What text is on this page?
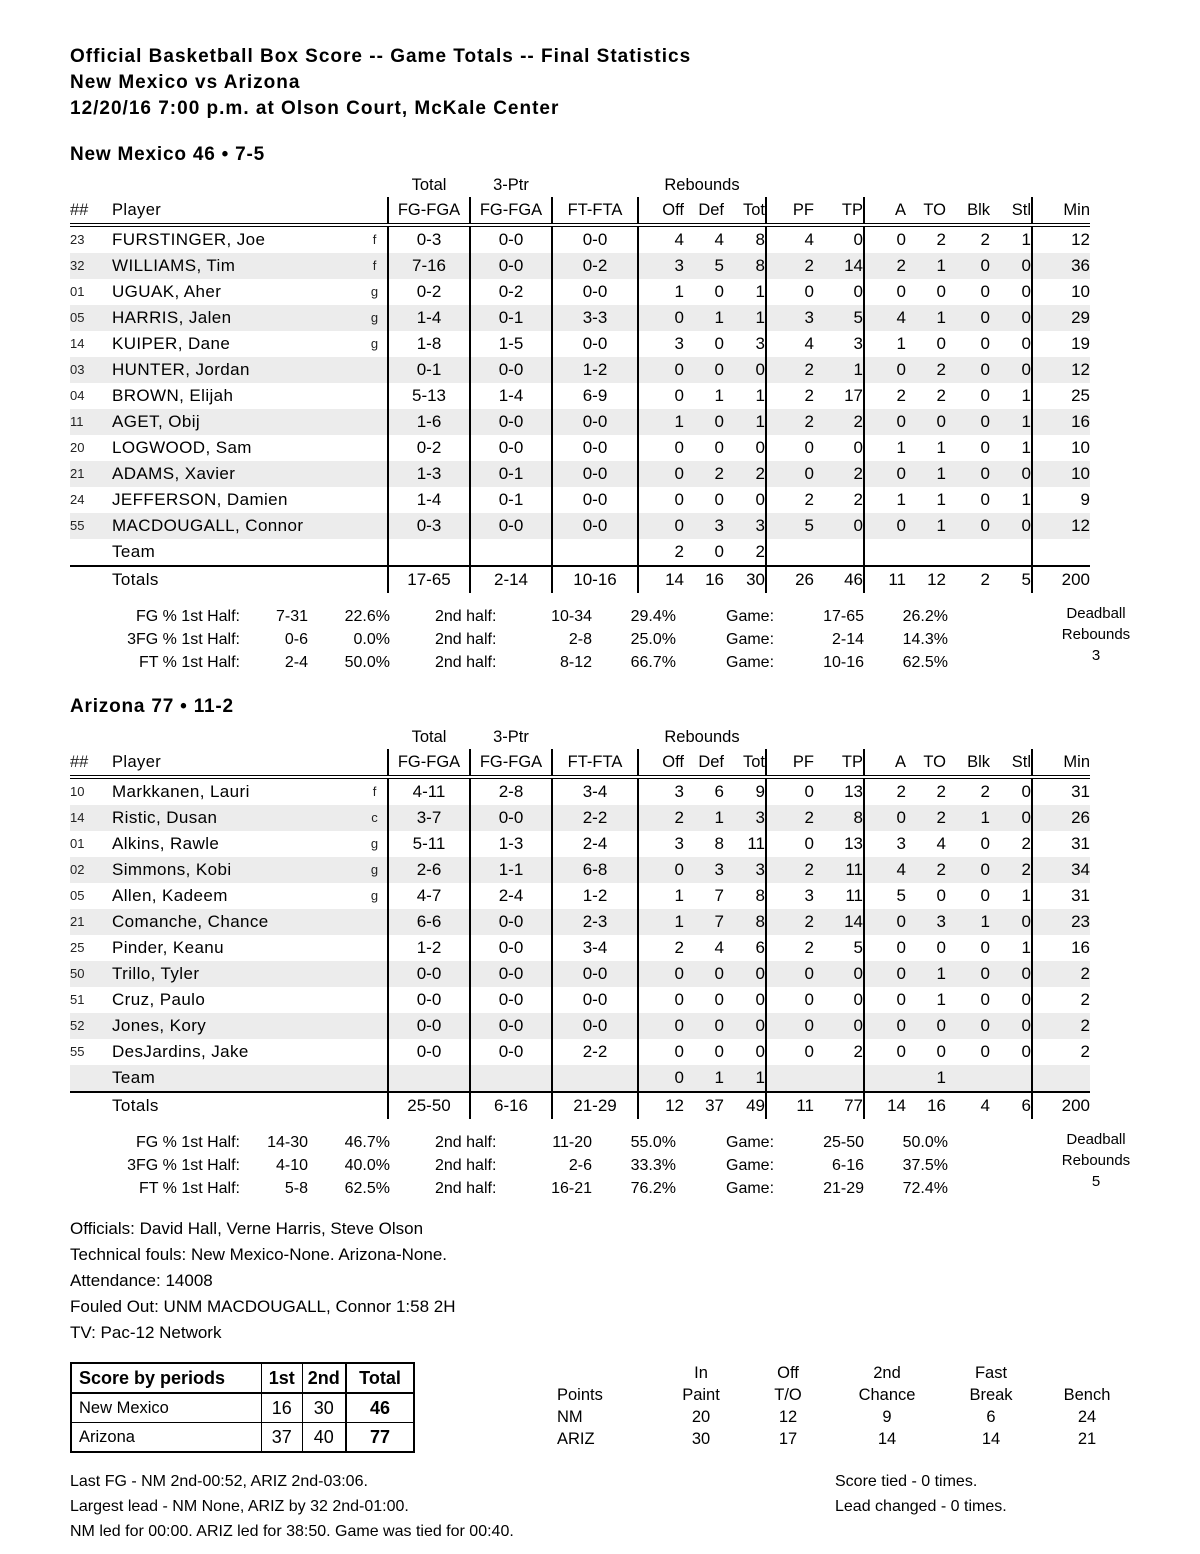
Official Basketball Box Score -- Game Totals -- Final Statistics
New Mexico vs Arizona
12/20/16 7:00 p.m. at Olson Court, McKale Center
New Mexico 46 • 7-5
			Total	3-Ptr		Rebounds									
##	Player		FG-FGA	FG-FGA	FT-FTA	Off	Def	Tot	PF	TP	A	TO	Blk	Stl	Min
23	FURSTINGER, Joe	f	0-3	0-0	0-0	4	4	8	4	0	0	2	2	1	12
32	WILLIAMS, Tim	f	7-16	0-0	0-2	3	5	8	2	14	2	1	0	0	36
01	UGUAK, Aher	g	0-2	0-2	0-0	1	0	1	0	0	0	0	0	0	10
05	HARRIS, Jalen	g	1-4	0-1	3-3	0	1	1	3	5	4	1	0	0	29
14	KUIPER, Dane	g	1-8	1-5	0-0	3	0	3	4	3	1	0	0	0	19
03	HUNTER, Jordan		0-1	0-0	1-2	0	0	0	2	1	0	2	0	0	12
04	BROWN, Elijah		5-13	1-4	6-9	0	1	1	2	17	2	2	0	1	25
11	AGET, Obij		1-6	0-0	0-0	1	0	1	2	2	0	0	0	1	16
20	LOGWOOD, Sam		0-2	0-0	0-0	0	0	0	0	0	1	1	0	1	10
21	ADAMS, Xavier		1-3	0-1	0-0	0	2	2	0	2	0	1	0	0	10
24	JEFFERSON, Damien		1-4	0-1	0-0	0	0	0	2	2	1	1	0	1	9
55	MACDOUGALL, Connor		0-3	0-0	0-0	0	3	3	5	0	0	1	0	0	12
	Team					2	0	2							
	Totals		17-65	2-14	10-16	14	16	30	26	46	11	12	2	5	200
FG % 1st Half:	7-31	22.6%	2nd half:	10-34	29.4%	Game:	17-65	26.2%
3FG % 1st Half:	0-6	0.0%	2nd half:	2-8	25.0%	Game:	2-14	14.3%
FT % 1st Half:	2-4	50.0%	2nd half:	8-12	66.7%	Game:	10-16	62.5%
Deadball
Rebounds
3
Arizona 77 • 11-2
			Total	3-Ptr		Rebounds									
##	Player		FG-FGA	FG-FGA	FT-FTA	Off	Def	Tot	PF	TP	A	TO	Blk	Stl	Min
10	Markkanen, Lauri	f	4-11	2-8	3-4	3	6	9	0	13	2	2	2	0	31
14	Ristic, Dusan	c	3-7	0-0	2-2	2	1	3	2	8	0	2	1	0	26
01	Alkins, Rawle	g	5-11	1-3	2-4	3	8	11	0	13	3	4	0	2	31
02	Simmons, Kobi	g	2-6	1-1	6-8	0	3	3	2	11	4	2	0	2	34
05	Allen, Kadeem	g	4-7	2-4	1-2	1	7	8	3	11	5	0	0	1	31
21	Comanche, Chance		6-6	0-0	2-3	1	7	8	2	14	0	3	1	0	23
25	Pinder, Keanu		1-2	0-0	3-4	2	4	6	2	5	0	0	0	1	16
50	Trillo, Tyler		0-0	0-0	0-0	0	0	0	0	0	0	1	0	0	2
51	Cruz, Paulo		0-0	0-0	0-0	0	0	0	0	0	0	1	0	0	2
52	Jones, Kory		0-0	0-0	0-0	0	0	0	0	0	0	0	0	0	2
55	DesJardins, Jake		0-0	0-0	2-2	0	0	0	0	2	0	0	0	0	2
	Team					0	1	1				1			
	Totals		25-50	6-16	21-29	12	37	49	11	77	14	16	4	6	200
FG % 1st Half:	14-30	46.7%	2nd half:	11-20	55.0%	Game:	25-50	50.0%
3FG % 1st Half:	4-10	40.0%	2nd half:	2-6	33.3%	Game:	6-16	37.5%
FT % 1st Half:	5-8	62.5%	2nd half:	16-21	76.2%	Game:	21-29	72.4%
Deadball
Rebounds
5
Officials: David Hall, Verne Harris, Steve Olson
Technical fouls: New Mexico-None. Arizona-None.
Attendance: 14008
Fouled Out: UNM MACDOUGALL, Connor 1:58 2H
TV: Pac-12 Network
Score by periods	1st	2nd	Total
New Mexico	16	30	46
Arizona	37	40	77
In	Off	2nd	Fast
Points	Paint	T/O	Chance	Break	Bench
NM	20	12	9	6	24
ARIZ	30	17	14	14	21
Last FG - NM 2nd-00:52, ARIZ 2nd-03:06.
Largest lead - NM None, ARIZ by 32 2nd-01:00.
NM led for 00:00. ARIZ led for 38:50. Game was tied for 00:40.
Score tied - 0 times.
Lead changed - 0 times.
